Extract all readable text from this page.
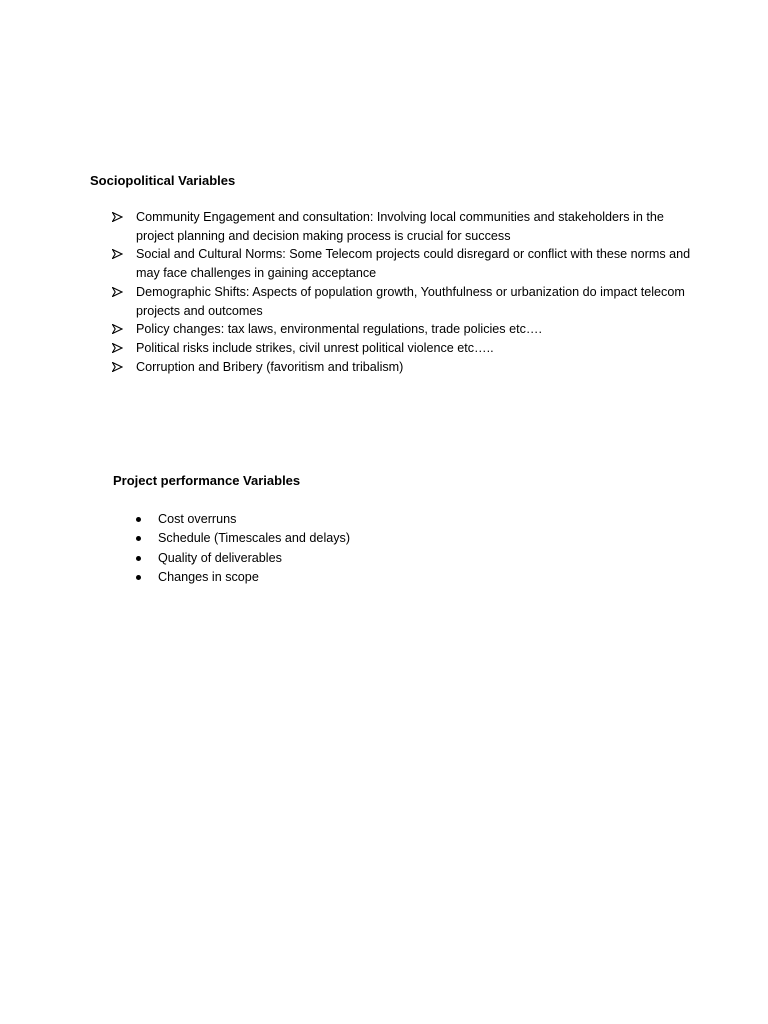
Sociopolitical Variables
Community Engagement and consultation: Involving local communities and stakeholders in the project planning and decision making process is crucial for success
Social and Cultural Norms: Some Telecom projects could disregard or conflict with these norms and may face challenges in gaining acceptance
Demographic Shifts: Aspects of population growth, Youthfulness or urbanization do impact telecom projects and outcomes
Policy changes: tax laws, environmental regulations, trade policies etc….
Political risks include strikes, civil unrest political violence etc…..
Corruption and Bribery (favoritism and tribalism)
Project performance Variables
Cost overruns
Schedule (Timescales and delays)
Quality of deliverables
Changes in scope
